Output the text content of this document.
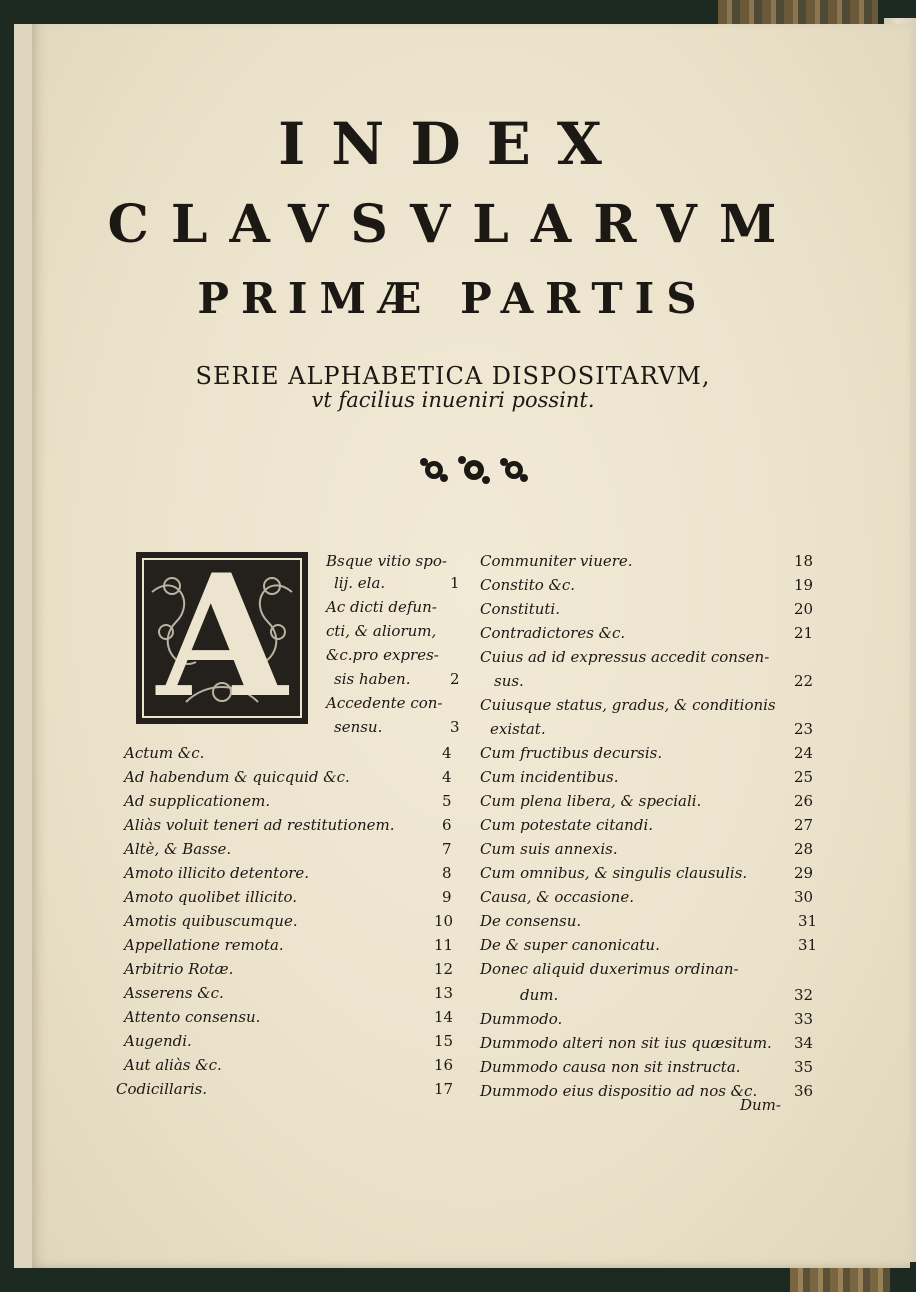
INDEX
CLAVSVLARVM
PRIMÆ PARTIS
SERIE ALPHABETICA DISPOSITARVM,
vt facilius inueniri possint.
A	Bsque vitio spo-
lij. ela.	1
Ac dicti defun-
cti, & aliorum,
&c.pro expres-
sis haben.	2
Accedente con-
sensu.	3
Actum &c.	4
Ad habendum & quicquid &c.	4
Ad supplicationem.	5
Aliàs voluit teneri ad restitutionem.	6
Altè, & Basse.	7
Amoto illicito detentore.	8
Amoto quolibet illicito.	9
Amotis quibuscumque.	10
Appellatione remota.	11
Arbitrio Rotæ.	12
Asserens &c.	13
Attento consensu.	14
Augendi.	15
Aut aliàs &c.	16
Codicillaris.	17
Communiter viuere.	18
Constito &c.	19
Constituti.	20
Contradictores &c.	21
Cuius ad id expressus accedit consen-
sus.	22
Cuiusque status, gradus, & conditionis
existat.	23
Cum fructibus decursis.	24
Cum incidentibus.	25
Cum plena libera, & speciali.	26
Cum potestate citandi.	27
Cum suis annexis.	28
Cum omnibus, & singulis clausulis.	29
Causa, & occasione.	30
De consensu.	31
De & super canonicatu.	31
Donec aliquid duxerimus ordinan-
dum.	32
Dummodo.	33
Dummodo alteri non sit ius quæsitum. 34
Dummodo causa non sit instructa.	35
Dummodo eius dispositio ad nos &c. 36
Dum-
